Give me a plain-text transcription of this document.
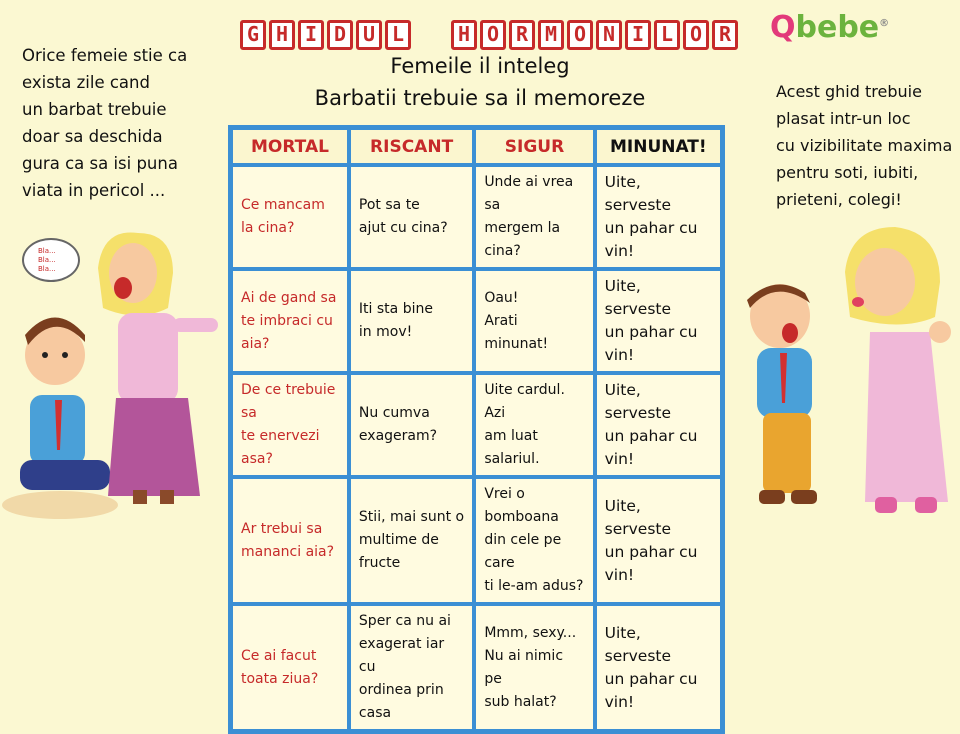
G H I D U L	H O R M O N I L O R
Femeile il inteleg
Barbatii trebuie sa il memoreze
Qbebe®
Orice femeie stie ca
exista zile cand
un barbat trebuie
doar sa deschida
gura ca sa isi puna
viata in pericol ...
Acest ghid trebuie
plasat intr-un loc
cu vizibilitate maxima
pentru soti, iubiti,
prieteni, colegi!
MORTAL	RISCANT	SIGUR	MINUNAT!
Ce mancam
la cina?	Pot sa te
ajut cu cina?	Unde ai vrea sa
mergem la cina?	Uite, serveste
un pahar cu vin!
Ai de gand sa
te imbraci cu aia?	Iti sta bine
in mov!	Oau!
Arati minunat!	Uite, serveste
un pahar cu vin!
De ce trebuie sa
te enervezi asa?	Nu cumva
exageram?	Uite cardul. Azi
am luat salariul.	Uite, serveste
un pahar cu vin!
Ar trebui sa
mananci aia?	Stii, mai sunt o
multime de fructe	Vrei o bomboana
din cele pe care
ti le-am adus?	Uite, serveste
un pahar cu vin!
Ce ai facut
toata ziua?	Sper ca nu ai
exagerat iar cu
ordinea prin casa	Mmm, sexy...
Nu ai nimic pe
sub halat?	Uite, serveste
un pahar cu vin!
Bla...
Bla...
Bla...
